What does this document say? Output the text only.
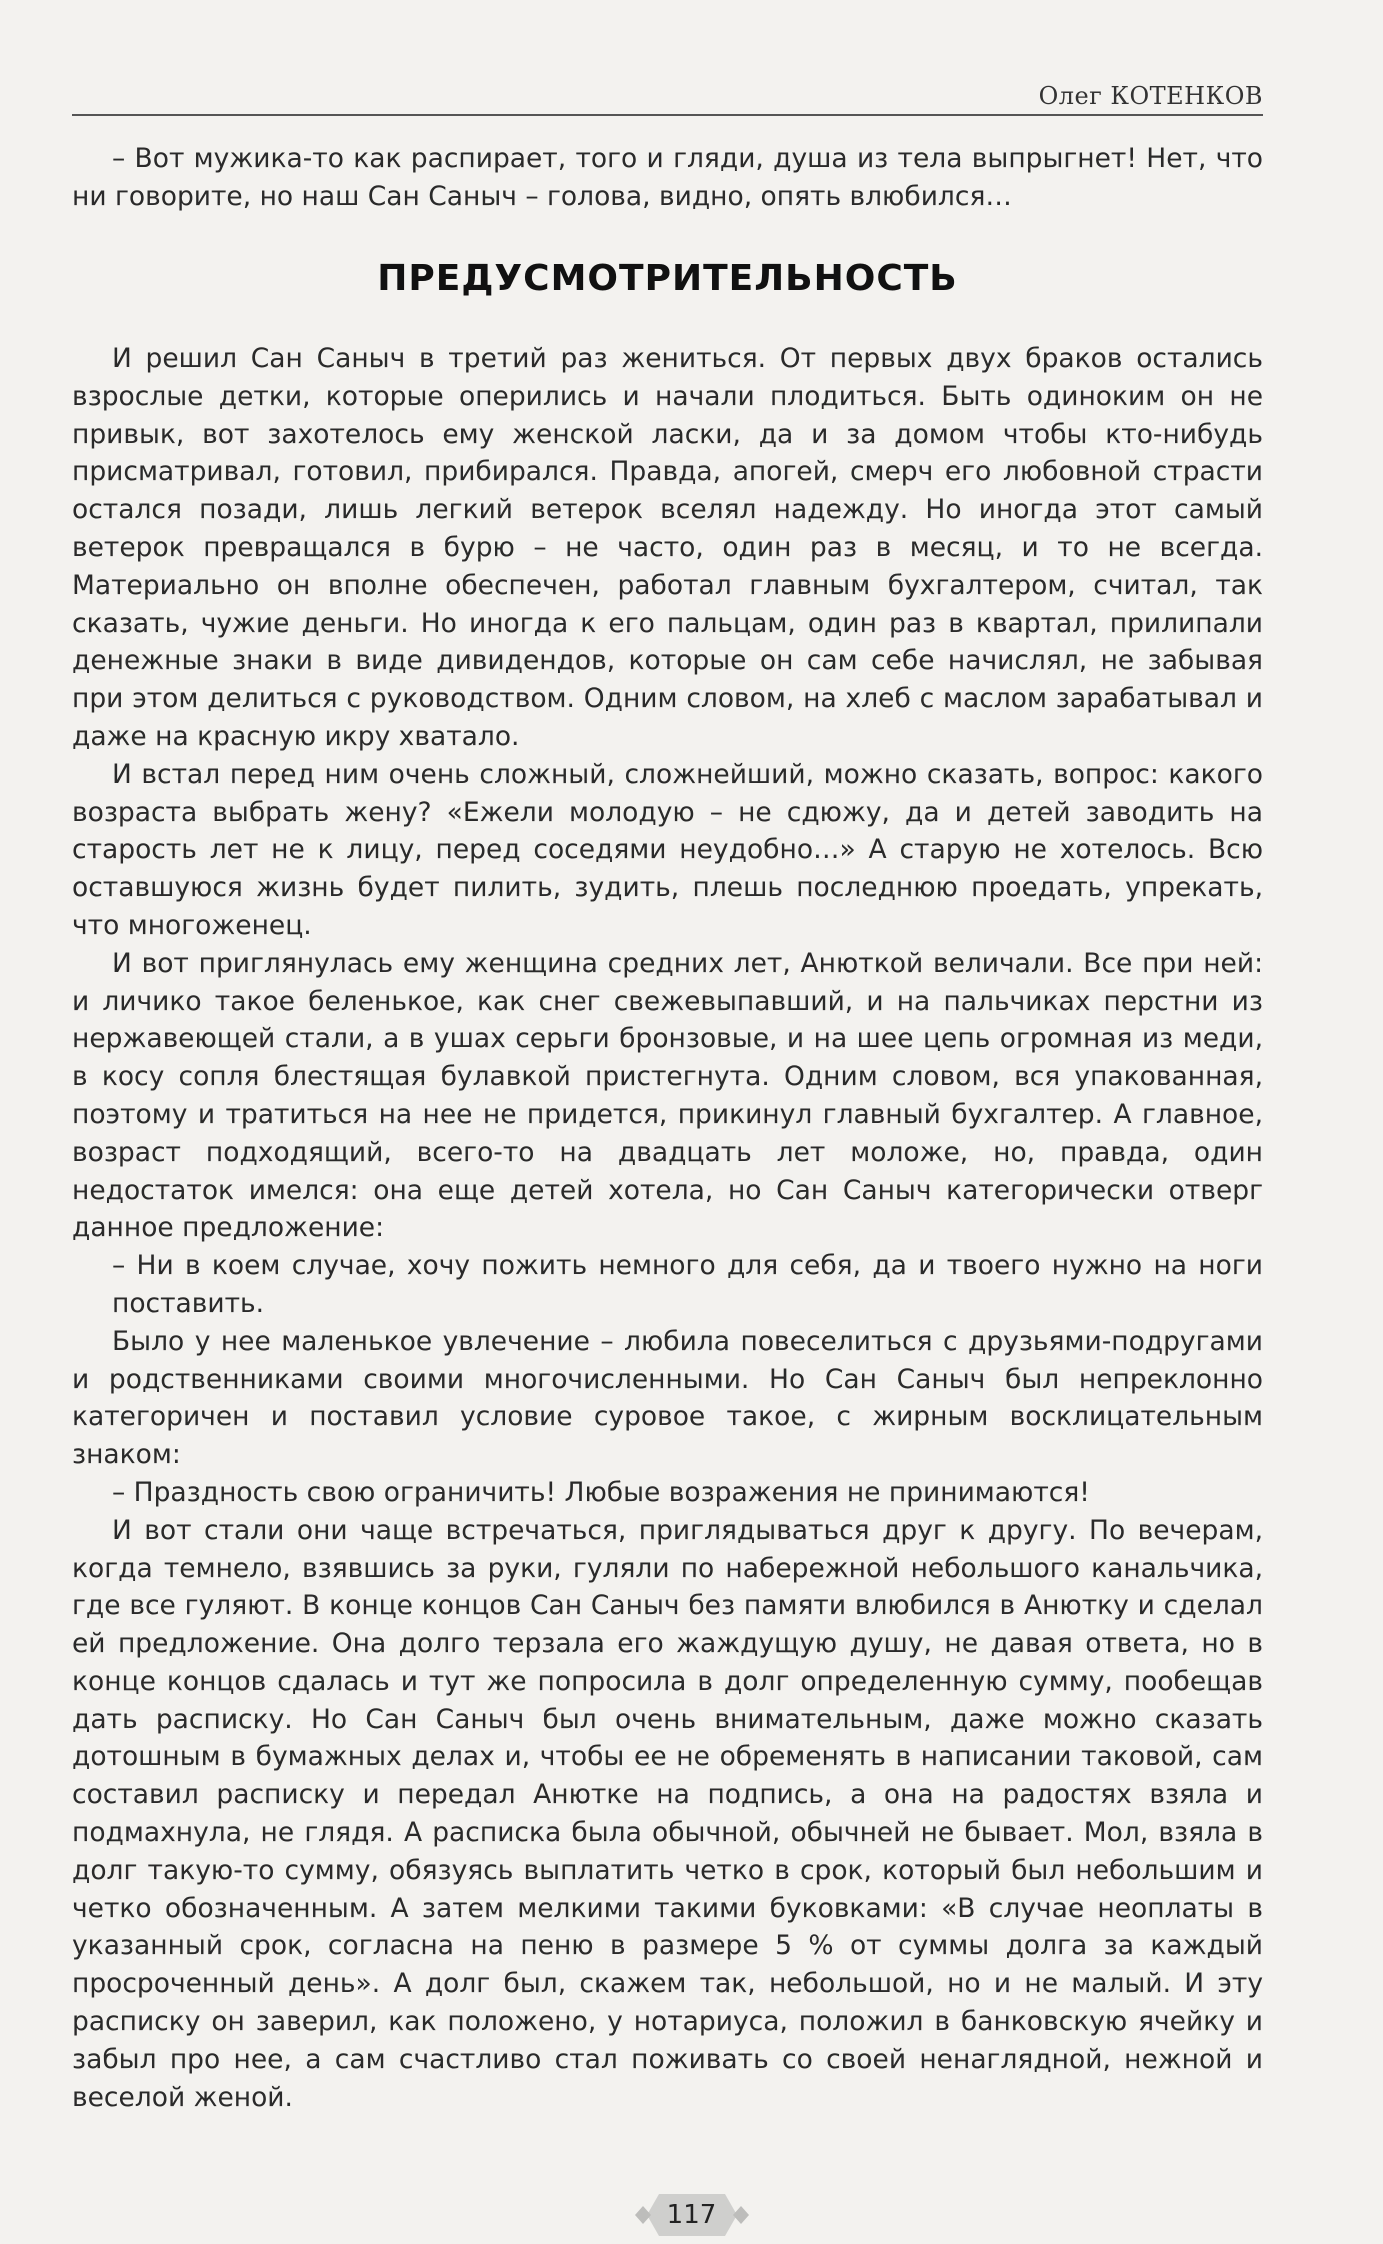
Олег КОТЕНКОВ

– Вот мужика-то как распирает, того и гляди, душа из тела выпрыгнет! Нет, что ни говорите, но наш Сан Саныч – голова, видно, опять влюбился…

ПРЕДУСМОТРИТЕЛЬНОСТЬ

И решил Сан Саныч в третий раз жениться. От первых двух браков остались взрослые детки, которые оперились и начали плодиться. Быть одиноким он не привык, вот захотелось ему женской ласки, да и за домом чтобы кто-нибудь присматривал, готовил, прибирался. Правда, апогей, смерч его любовной страсти остался позади, лишь легкий ветерок вселял надежду. Но иногда этот самый ветерок превращался в бурю – не часто, один раз в месяц, и то не всегда. Материально он вполне обеспечен, работал главным бухгалтером, считал, так сказать, чужие деньги. Но иногда к его пальцам, один раз в квартал, прилипали денежные знаки в виде дивидендов, которые он сам себе начислял, не забывая при этом делиться с руководством. Одним словом, на хлеб с маслом зарабатывал и даже на красную икру хватало.

И встал перед ним очень сложный, сложнейший, можно сказать, вопрос: какого возраста выбрать жену? «Ежели молодую – не сдюжу, да и детей заводить на старость лет не к лицу, перед соседями неудобно…» А старую не хотелось. Всю оставшуюся жизнь будет пилить, зудить, плешь последнюю проедать, упрекать, что многоженец.

И вот приглянулась ему женщина средних лет, Анюткой величали. Все при ней: и личико такое беленькое, как снег свежевыпавший, и на пальчиках перстни из нержавеющей стали, а в ушах серьги бронзовые, и на шее цепь огромная из меди, в косу сопля блестящая булавкой пристегнута. Одним словом, вся упакованная, поэтому и тратиться на нее не придется, прикинул главный бухгалтер. А главное, возраст подходящий, всего-то на двадцать лет моложе, но, правда, один недостаток имелся: она еще детей хотела, но Сан Саныч категорически отверг данное предложение:

– Ни в коем случае, хочу пожить немного для себя, да и твоего нужно на ноги поставить.

Было у нее маленькое увлечение – любила повеселиться с друзьями-подругами и родственниками своими многочисленными. Но Сан Саныч был непреклонно категоричен и поставил условие суровое такое, с жирным восклицательным знаком:

– Праздность свою ограничить! Любые возражения не принимаются!

И вот стали они чаще встречаться, приглядываться друг к другу. По вечерам, когда темнело, взявшись за руки, гуляли по набережной небольшого канальчика, где все гуляют. В конце концов Сан Саныч без памяти влюбился в Анютку и сделал ей предложение. Она долго терзала его жаждущую душу, не давая ответа, но в конце концов сдалась и тут же попросила в долг определенную сумму, пообещав дать расписку. Но Сан Саныч был очень внимательным, даже можно сказать дотошным в бумажных делах и, чтобы ее не обременять в написании таковой, сам составил расписку и передал Анютке на подпись, а она на радостях взяла и подмахнула, не глядя. А расписка была обычной, обычней не бывает. Мол, взяла в долг такую-то сумму, обязуясь выплатить четко в срок, который был небольшим и четко обозначенным. А затем мелкими такими буковками: «В случае неоплаты в указанный срок, согласна на пеню в размере 5 % от суммы долга за каждый просроченный день». А долг был, скажем так, небольшой, но и не малый. И эту расписку он заверил, как положено, у нотариуса, положил в банковскую ячейку и забыл про нее, а сам счастливо стал поживать со своей ненаглядной, нежной и веселой женой.

117
